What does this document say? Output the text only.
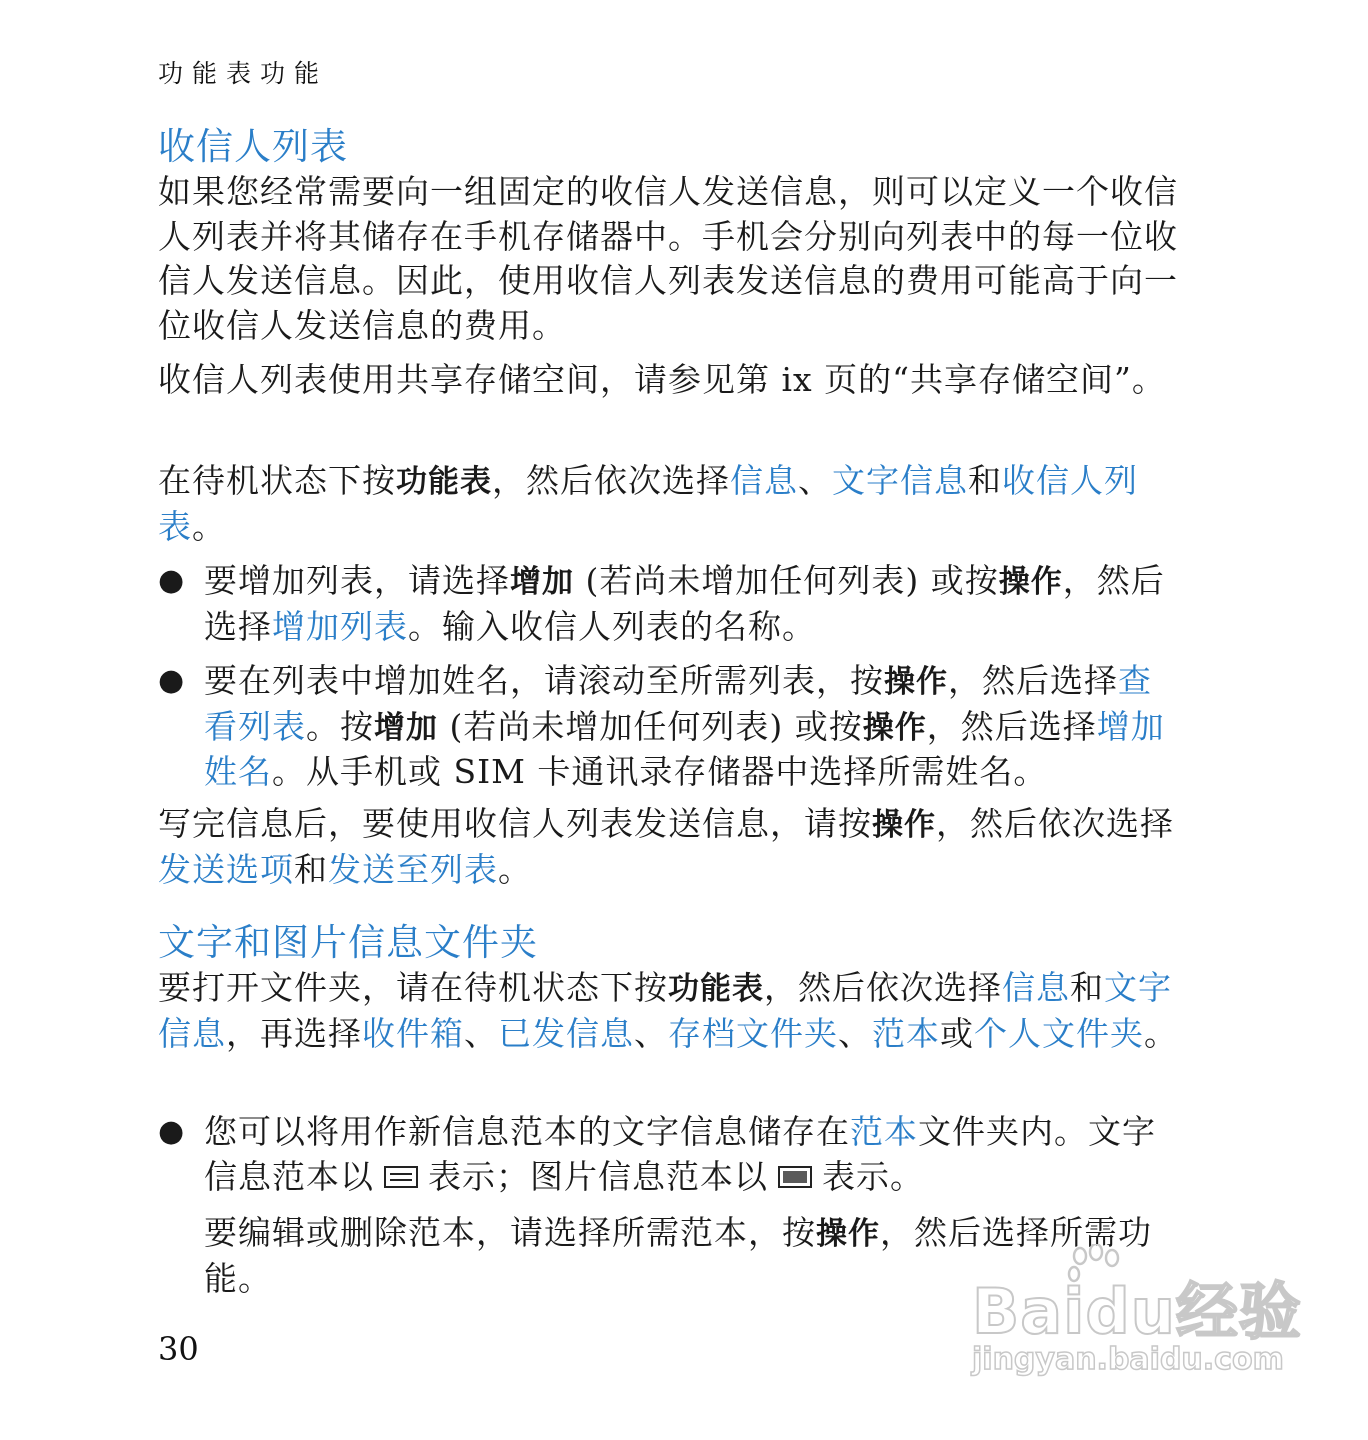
功能表功能
收信人列表

如果您经常需要向一组固定的收信人发送信息，则可以定义一个收信人列表并将其储存在手机存储器中。手机会分别向列表中的每一位收信人发送信息。因此，使用收信人列表发送信息的费用可能高于向一位收信人发送信息的费用。

收信人列表使用共享存储空间，请参见第 ix 页的“共享存储空间”。

在待机状态下按功能表，然后依次选择信息、文字信息和收信人列表。

● 要增加列表，请选择增加 (若尚未增加任何列表) 或按操作，然后选择增加列表。输入收信人列表的名称。

● 要在列表中增加姓名，请滚动至所需列表，按操作，然后选择查看列表。按增加 (若尚未增加任何列表) 或按操作，然后选择增加姓名。从手机或 SIM 卡通讯录存储器中选择所需姓名。

写完信息后，要使用收信人列表发送信息，请按操作，然后依次选择发送选项和发送至列表。

文字和图片信息文件夹

要打开文件夹，请在待机状态下按功能表，然后依次选择信息和文字信息，再选择收件箱、已发信息、存档文件夹、范本或个人文件夹。

● 您可以将用作新信息范本的文字信息储存在范本文件夹内。文字信息范本以 表示；图片信息范本以 表示。

要编辑或删除范本，请选择所需范本，按操作，然后选择所需功能。

30
Baidu经验
jingyan.baidu.com
